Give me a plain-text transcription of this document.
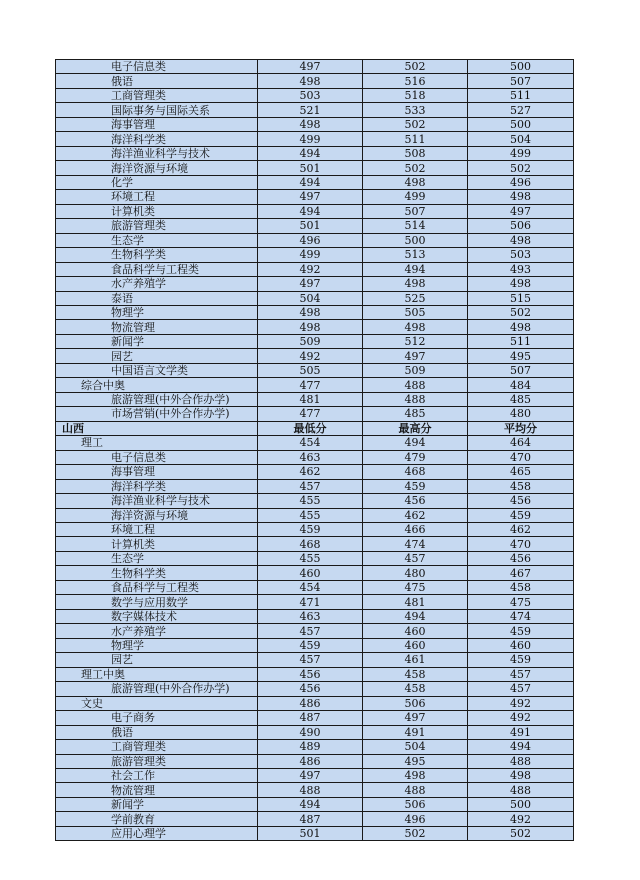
电子信息类	497	502	500
俄语	498	516	507
工商管理类	503	518	511
国际事务与国际关系	521	533	527
海事管理	498	502	500
海洋科学类	499	511	504
海洋渔业科学与技术	494	508	499
海洋资源与环境	501	502	502
化学	494	498	496
环境工程	497	499	498
计算机类	494	507	497
旅游管理类	501	514	506
生态学	496	500	498
生物科学类	499	513	503
食品科学与工程类	492	494	493
水产养殖学	497	498	498
泰语	504	525	515
物理学	498	505	502
物流管理	498	498	498
新闻学	509	512	511
园艺	492	497	495
中国语言文学类	505	509	507
综合中奥	477	488	484
旅游管理(中外合作办学)	481	488	485
市场营销(中外合作办学)	477	485	480
山西	最低分	最高分	平均分
理工	454	494	464
电子信息类	463	479	470
海事管理	462	468	465
海洋科学类	457	459	458
海洋渔业科学与技术	455	456	456
海洋资源与环境	455	462	459
环境工程	459	466	462
计算机类	468	474	470
生态学	455	457	456
生物科学类	460	480	467
食品科学与工程类	454	475	458
数学与应用数学	471	481	475
数字媒体技术	463	494	474
水产养殖学	457	460	459
物理学	459	460	460
园艺	457	461	459
理工中奥	456	458	457
旅游管理(中外合作办学)	456	458	457
文史	486	506	492
电子商务	487	497	492
俄语	490	491	491
工商管理类	489	504	494
旅游管理类	486	495	488
社会工作	497	498	498
物流管理	488	488	488
新闻学	494	506	500
学前教育	487	496	492
应用心理学	501	502	502
